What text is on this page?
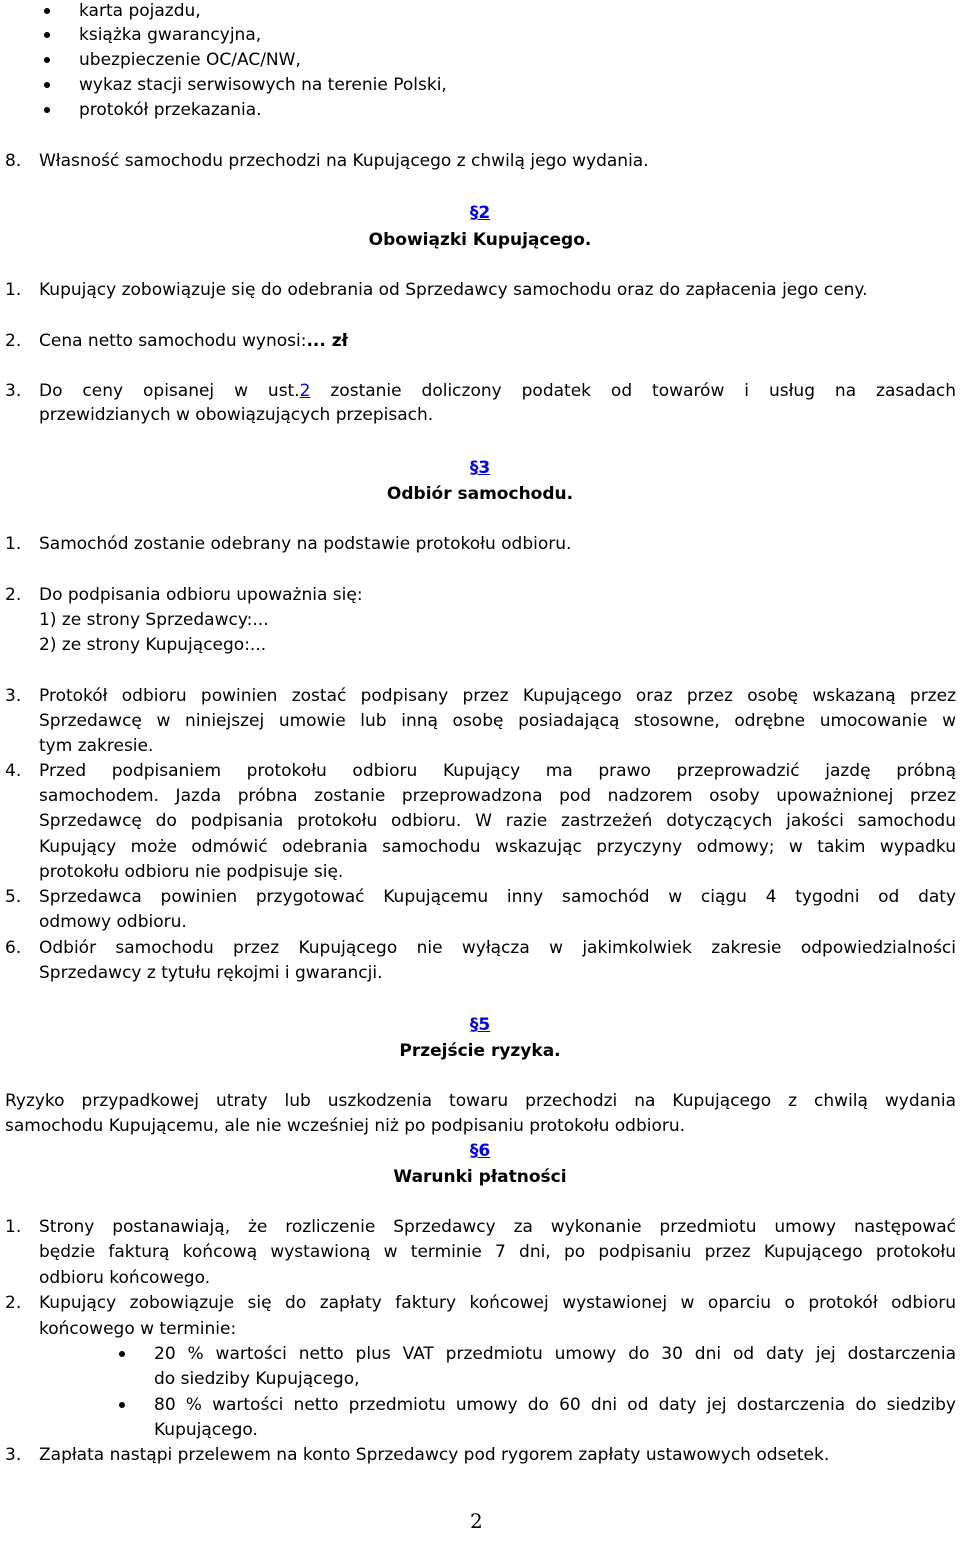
karta pojazdu,
książka gwarancyjna,
ubezpieczenie OC/AC/NW,
wykaz stacji serwisowych na terenie Polski,
protokół przekazania.
8. Własność samochodu przechodzi na Kupującego z chwilą jego wydania.
§2
Obowiązki Kupującego.
1. Kupujący zobowiązuje się do odebrania od Sprzedawcy samochodu oraz do zapłacenia jego ceny.
2. Cena netto samochodu wynosi:... zł
3. Do ceny opisanej w ust.2 zostanie doliczony podatek od towarów i usług na zasadach
przewidzianych w obowiązujących przepisach.
§3
Odbiór samochodu.
1. Samochód zostanie odebrany na podstawie protokołu odbioru.
2. Do podpisania odbioru upoważnia się:
1) ze strony Sprzedawcy:...
2) ze strony Kupującego:...
3. Protokół odbioru powinien zostać podpisany przez Kupującego oraz przez osobę wskazaną przez
Sprzedawcę w niniejszej umowie lub inną osobę posiadającą stosowne, odrębne umocowanie w
tym zakresie.
4. Przed podpisaniem protokołu odbioru Kupujący ma prawo przeprowadzić jazdę próbną
samochodem. Jazda próbna zostanie przeprowadzona pod nadzorem osoby upoważnionej przez
Sprzedawcę do podpisania protokołu odbioru. W razie zastrzeżeń dotyczących jakości samochodu
Kupujący może odmówić odebrania samochodu wskazując przyczyny odmowy; w takim wypadku
protokołu odbioru nie podpisuje się.
5. Sprzedawca powinien przygotować Kupującemu inny samochód w ciągu 4 tygodni od daty
odmowy odbioru.
6. Odbiór samochodu przez Kupującego nie wyłącza w jakimkolwiek zakresie odpowiedzialności
Sprzedawcy z tytułu rękojmi i gwarancji.
§5
Przejście ryzyka.
Ryzyko przypadkowej utraty lub uszkodzenia towaru przechodzi na Kupującego z chwilą wydania
samochodu Kupującemu, ale nie wcześniej niż po podpisaniu protokołu odbioru.
§6
Warunki płatności
1. Strony postanawiają, że rozliczenie Sprzedawcy za wykonanie przedmiotu umowy następować
będzie fakturą końcową wystawioną w terminie 7 dni, po podpisaniu przez Kupującego protokołu
odbioru końcowego.
2. Kupujący zobowiązuje się do zapłaty faktury końcowej wystawionej w oparciu o protokół odbioru
końcowego w terminie:
20 % wartości netto plus VAT przedmiotu umowy do 30 dni od daty jej dostarczenia
do siedziby Kupującego,
80 % wartości netto przedmiotu umowy do 60 dni od daty jej dostarczenia do siedziby
Kupującego.
3. Zapłata nastąpi przelewem na konto Sprzedawcy pod rygorem zapłaty ustawowych odsetek.
2
